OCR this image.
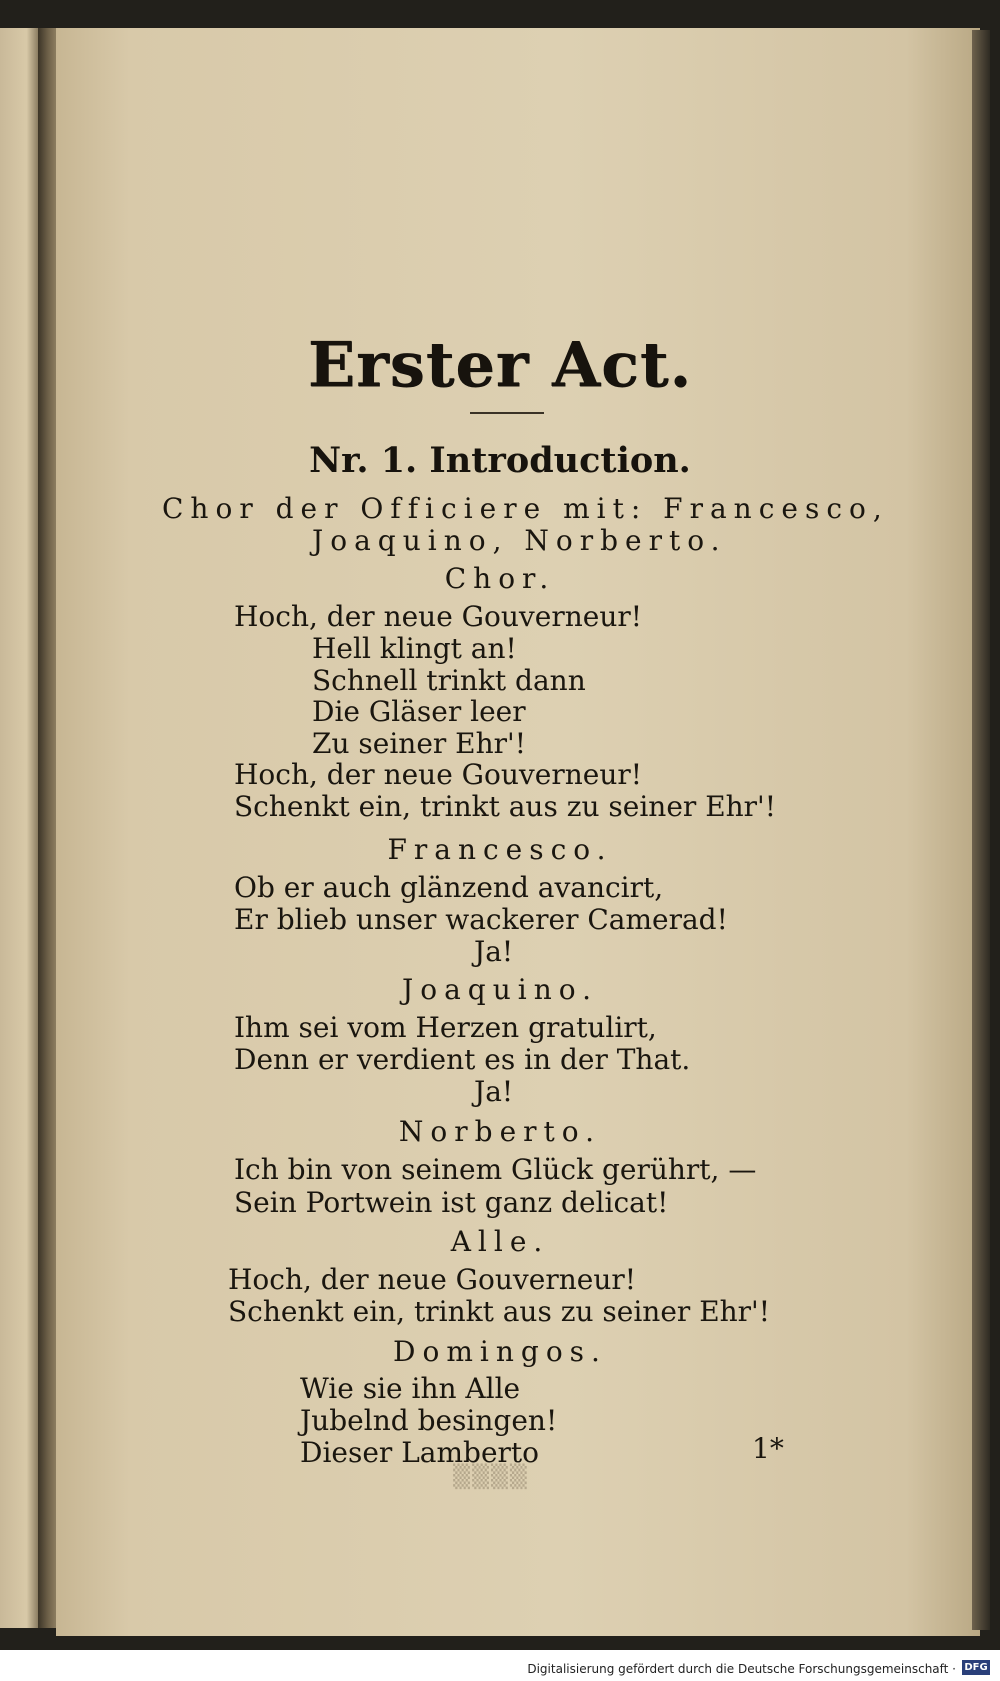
Erster Act.
Nr. 1. Introduction.
Chor der Officiere mit: Francesco,
Joaquino, Norberto.
Chor.
Hoch, der neue Gouverneur!
Hell klingt an!
Schnell trinkt dann
Die Gläser leer
Zu seiner Ehr'!
Hoch, der neue Gouverneur!
Schenkt ein, trinkt aus zu seiner Ehr'!
Francesco.
Ob er auch glänzend avancirt,
Er blieb unser wackerer Camerad!
Ja!
Joaquino.
Ihm sei vom Herzen gratulirt,
Denn er verdient es in der That.
Ja!
Norberto.
Ich bin von seinem Glück gerührt, —
Sein Portwein ist ganz delicat!
Alle.
Hoch, der neue Gouverneur!
Schenkt ein, trinkt aus zu seiner Ehr'!
Domingos.
Wie sie ihn Alle
Jubelnd besingen!
Dieser Lamberto	1*
▒▒▒▒
Digitalisierung gefördert durch die Deutsche Forschungsgemeinschaft · DFG
